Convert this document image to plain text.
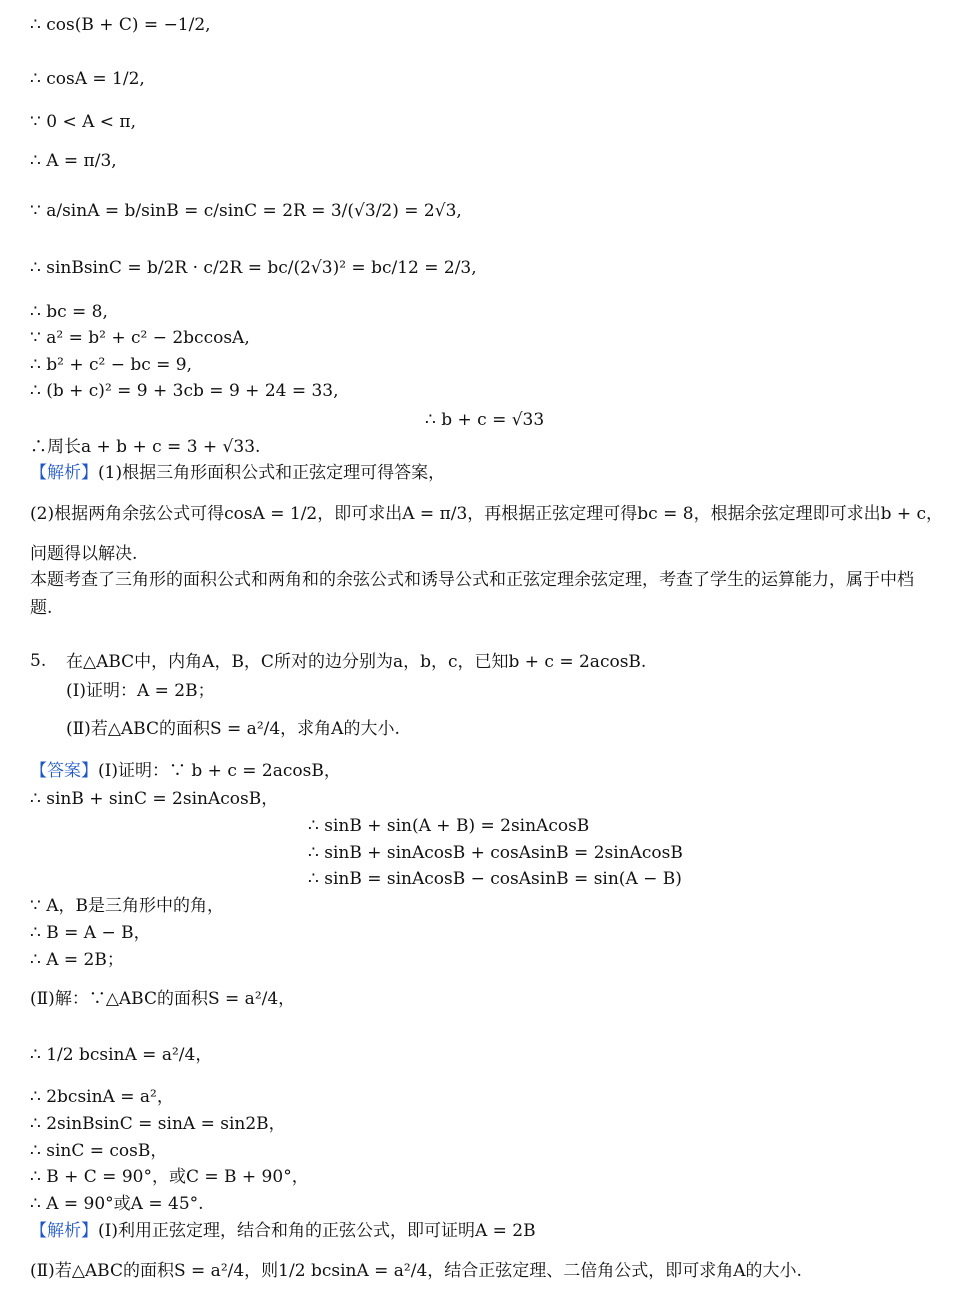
∴ cos(B + C) = −1/2,
∴ cosA = 1/2,
∵ 0 < A < π,
∴ A = π/3,
∵ a/sinA = b/sinB = c/sinC = 2R = 3/(√3/2) = 2√3,
∴ sinBsinC = b/2R · c/2R = bc/(2√3)² = bc/12 = 2/3,
∴ bc = 8,
∵ a² = b² + c² − 2bccosA,
∴ b² + c² − bc = 9,
∴ (b + c)² = 9 + 3cb = 9 + 24 = 33,
∴ b + c = √33
∴周长a + b + c = 3 + √33.
【解析】(1)根据三角形面积公式和正弦定理可得答案，
(2)根据两角余弦公式可得cosA = 1/2，即可求出A = π/3，再根据正弦定理可得bc = 8，根据余弦定理即可求出b + c，
问题得以解决.
本题考查了三角形的面积公式和两角和的余弦公式和诱导公式和正弦定理余弦定理，考查了学生的运算能力，属于中档题.
5. 在△ABC中，内角A，B，C所对的边分别为a，b，c，已知b + c = 2acosB.
(Ⅰ)证明：A = 2B；
(Ⅱ)若△ABC的面积S = a²/4，求角A的大小.
【答案】(Ⅰ)证明：∵ b + c = 2acosB，
∴ sinB + sinC = 2sinAcosB，
∴ sinB + sin(A + B) = 2sinAcosB
∴ sinB + sinAcosB + cosAsinB = 2sinAcosB
∴ sinB = sinAcosB − cosAsinB = sin(A − B)
∵ A，B是三角形中的角，
∴ B = A − B，
∴ A = 2B；
(Ⅱ)解：∵△ABC的面积S = a²/4，
∴ 1/2 bcsinA = a²/4，
∴ 2bcsinA = a²，
∴ 2sinBsinC = sinA = sin2B，
∴ sinC = cosB，
∴ B + C = 90°，或C = B + 90°，
∴ A = 90°或A = 45°.
【解析】(Ⅰ)利用正弦定理，结合和角的正弦公式，即可证明A = 2B
(Ⅱ)若△ABC的面积S = a²/4，则1/2 bcsinA = a²/4，结合正弦定理、二倍角公式，即可求角A的大小.
